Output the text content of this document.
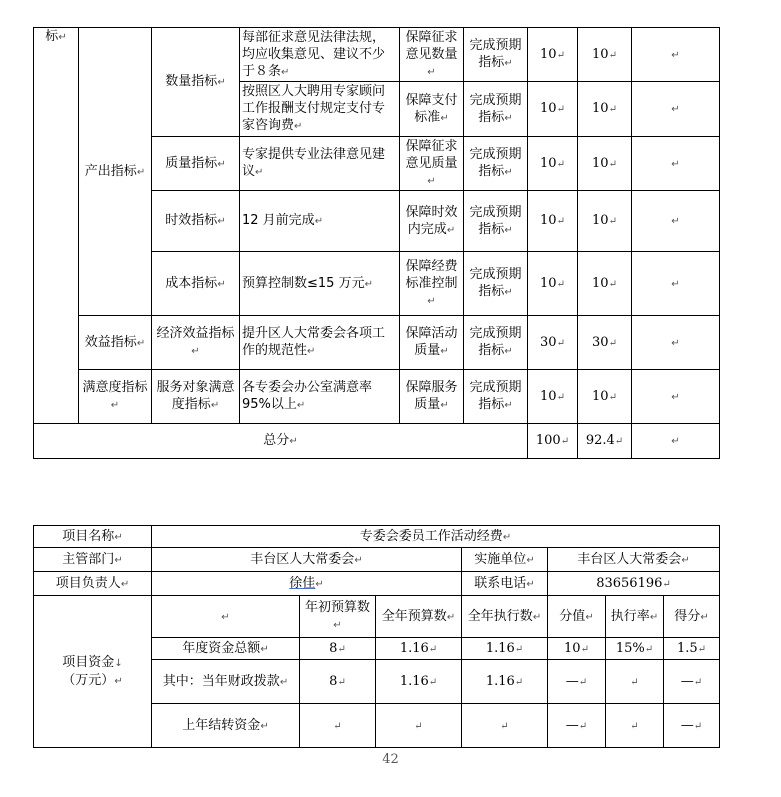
标↵	产出指标↵	数量指标↵	每部征求意见法律法规，均应收集意见、建议不少于８条↵	保障征求意见数量↵	完成预期指标↵	10↵	10↵	↵
			按照区人大聘用专家顾问工作报酬支付规定支付专家咨询费↵	保障支付标准↵	完成预期指标↵	10↵	10↵	↵
		质量指标↵	专家提供专业法律意见建议↵	保障征求意见质量↵	完成预期指标↵	10↵	10↵	↵
		时效指标↵	12 月前完成↵	保障时效内完成↵	完成预期指标↵	10↵	10↵	↵
		成本指标↵	预算控制数≤15 万元↵	保障经费标准控制↵	完成预期指标↵	10↵	10↵	↵
	效益指标↵	经济效益指标↵	提升区人大常委会各项工作的规范性↵	保障活动质量↵	完成预期指标↵	30↵	30↵	↵
	满意度指标↵	服务对象满意度指标↵	各专委会办公室满意率 95%以上↵	保障服务质量↵	完成预期指标↵	10↵	10↵	↵
总分↵						100↵	92.4↵	↵
项目名称↵	专委会委员工作活动经费↵						
主管部门↵	丰台区人大常委会↵			实施单位↵	丰台区人大常委会↵		
项目负责人↵	徐佳↵			联系电话↵	83656196↵		
项目资金↓
（万元）↵	↵	年初预算数↵	全年预算数↵	全年执行数↵	分值↵	执行率↵	得分↵
	年度资金总额↵	8↵	1.16↵	1.16↵	10↵	15%↵	1.5↵
	其中：当年财政拨款↵	8↵	1.16↵	1.16↵	—↵	↵	—↵
	上年结转资金↵	↵	↵	↵	—↵	↵	—↵
42
